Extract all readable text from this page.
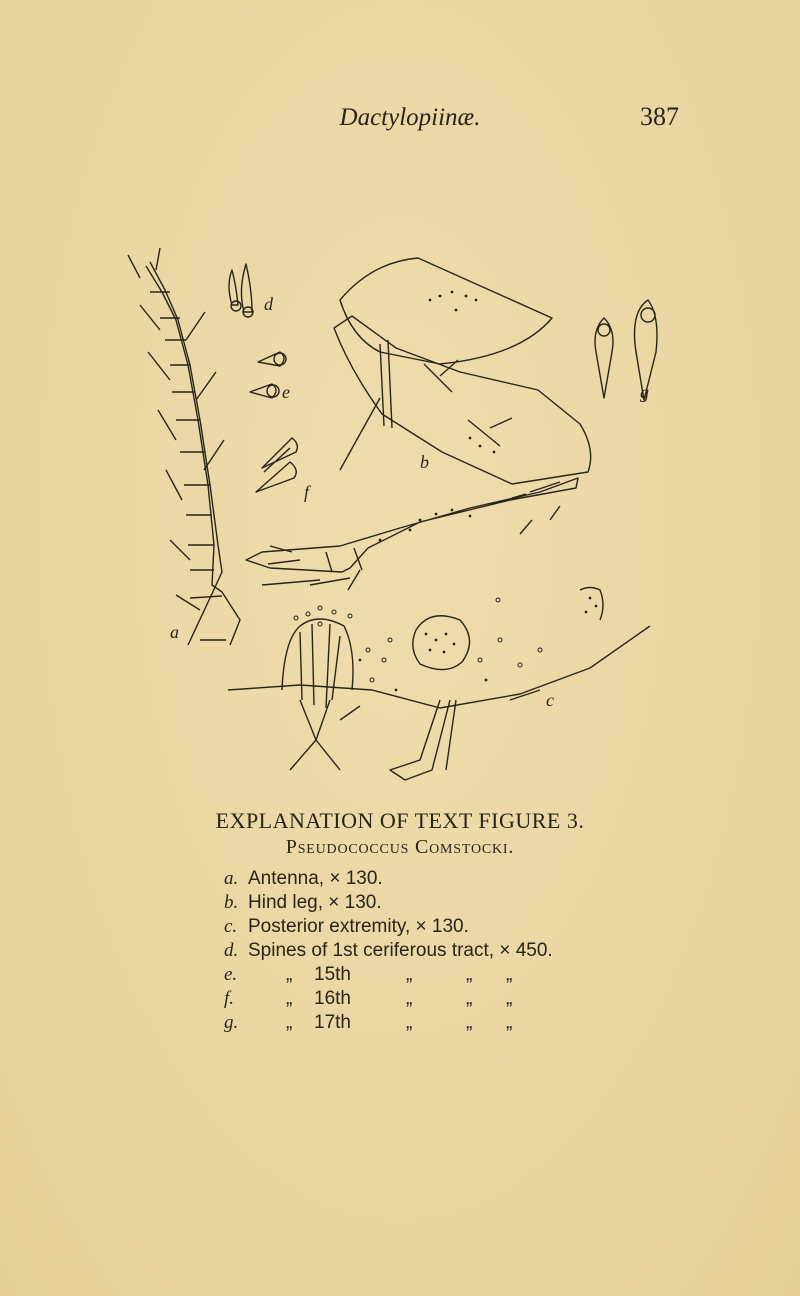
Dactylopiinæ.	387
a
b
c
d
e
f
g
EXPLANATION OF TEXT FIGURE 3.
Pseudococcus Comstocki.
a. Antenna, × 130.
b. Hind leg, × 130.
c. Posterior extremity, × 130.
d. Spines of 1st ceriferous tract, × 450.
e.	„ 15th	„	„ „
f.	„ 16th	„	„ „
g.	„ 17th	„	„ „
